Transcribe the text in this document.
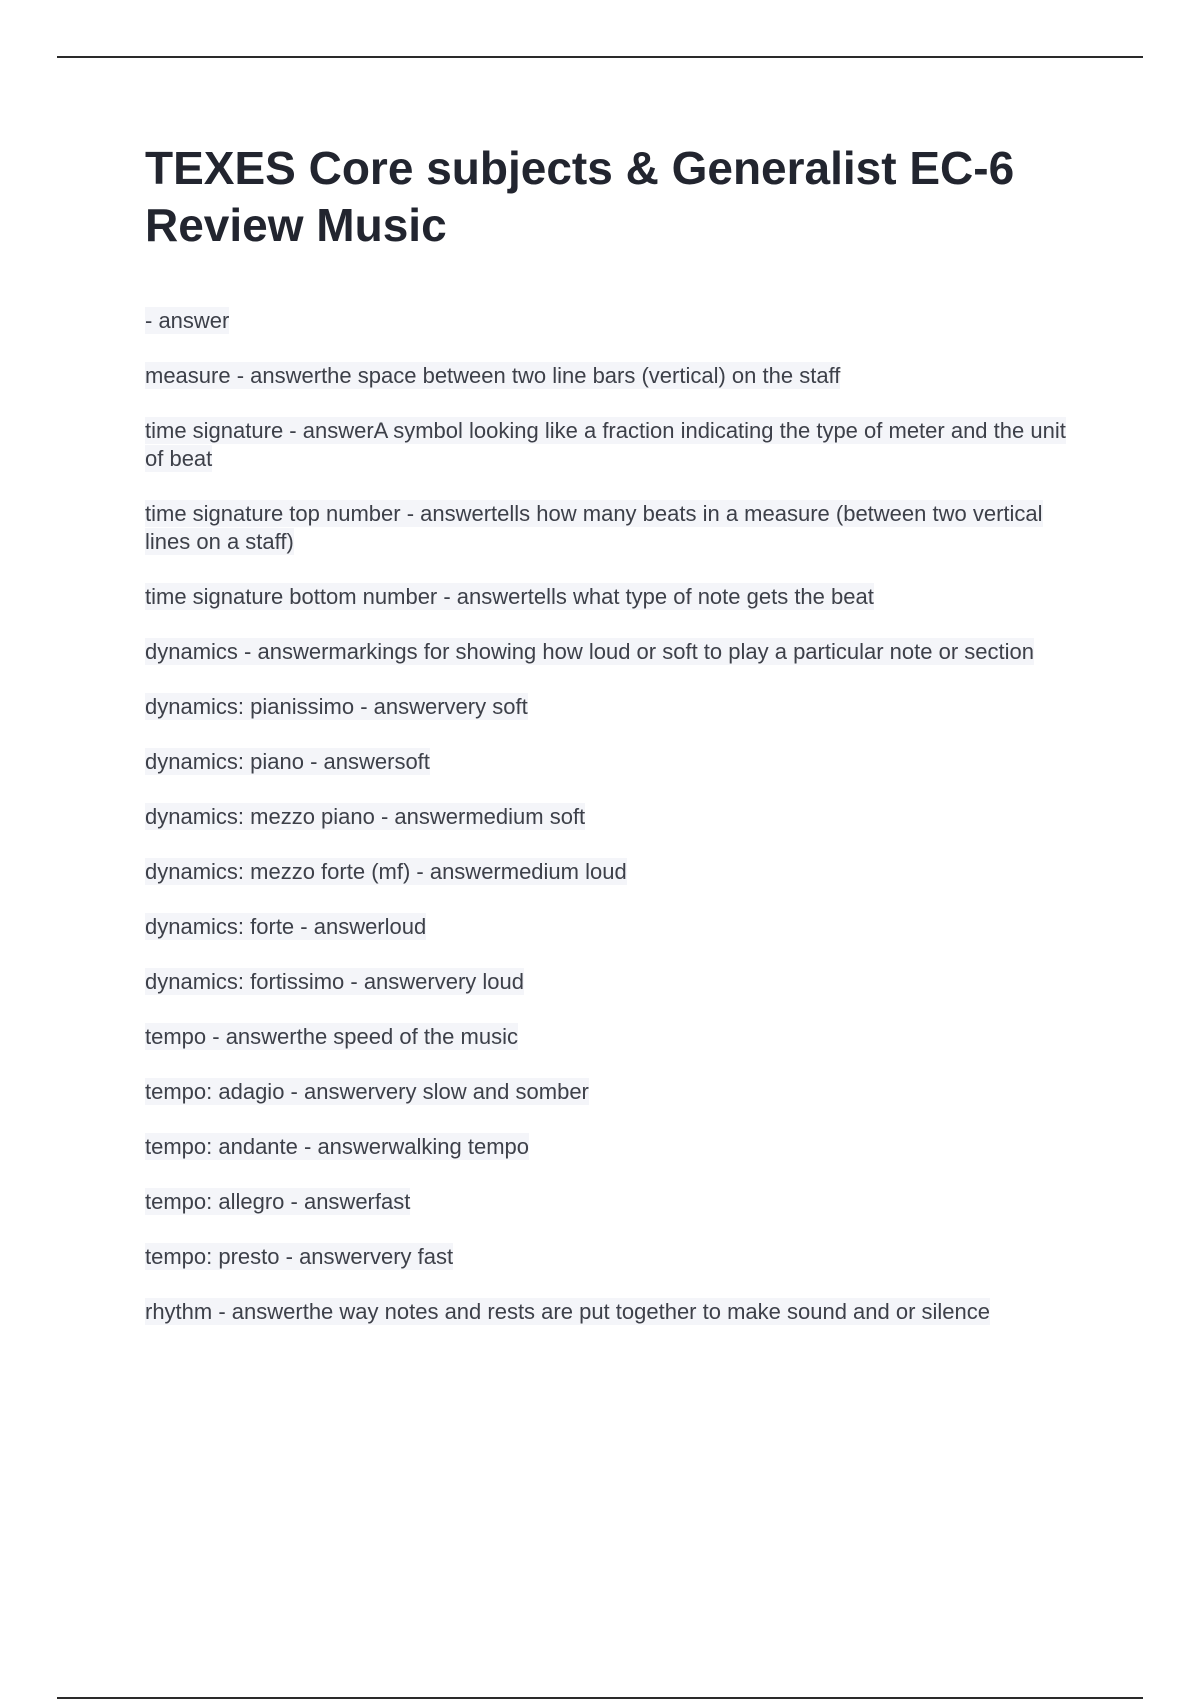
TEXES Core subjects & Generalist EC-6 Review Music

- answer

measure - answerthe space between two line bars (vertical) on the staff

time signature - answerA symbol looking like a fraction indicating the type of meter and the unit of beat

time signature top number - answertells how many beats in a measure (between two vertical lines on a staff)

time signature bottom number - answertells what type of note gets the beat

dynamics - answermarkings for showing how loud or soft to play a particular note or section

dynamics: pianissimo - answervery soft

dynamics: piano - answersoft

dynamics: mezzo piano - answermedium soft

dynamics: mezzo forte (mf) - answermedium loud

dynamics: forte - answerloud

dynamics: fortissimo - answervery loud

tempo - answerthe speed of the music

tempo: adagio - answervery slow and somber

tempo: andante - answerwalking tempo

tempo: allegro - answerfast

tempo: presto - answervery fast

rhythm - answerthe way notes and rests are put together to make sound and or silence
